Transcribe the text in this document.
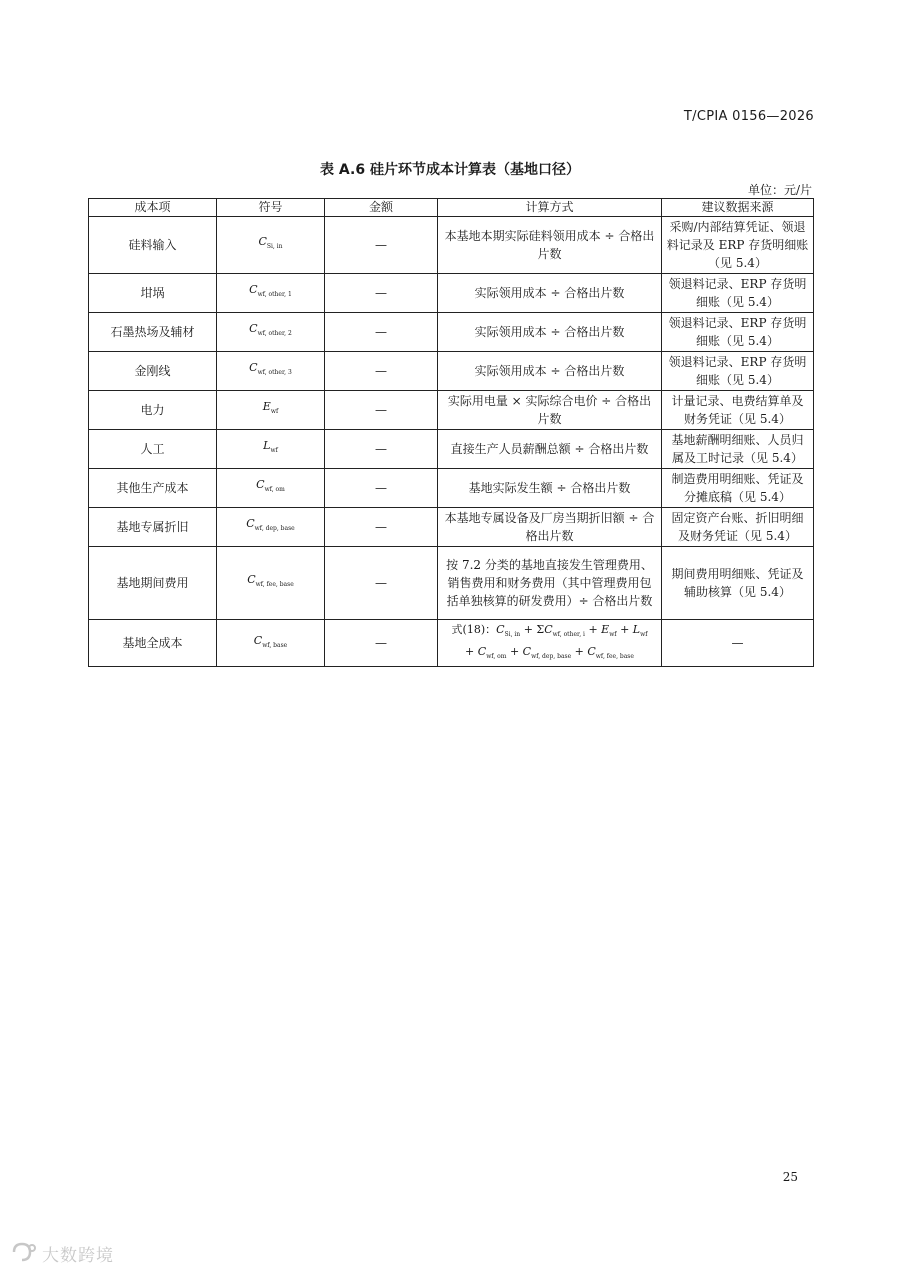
T/CPIA 0156—2026
表 A.6 硅片环节成本计算表（基地口径）
单位：元/片
成本项	符号	金额	计算方式	建议数据来源
硅料输入	$C_{Si, in}$	—	本基地本期实际硅料领用成本 ÷ 合格出片数	采购/内部结算凭证、领退料记录及 ERP 存货明细账（见 5.4）
坩埚	$C_{wf, other, 1}$	—	实际领用成本 ÷ 合格出片数	领退料记录、ERP 存货明细账（见 5.4）
石墨热场及辅材	$C_{wf, other, 2}$	—	实际领用成本 ÷ 合格出片数	领退料记录、ERP 存货明细账（见 5.4）
金刚线	$C_{wf, other, 3}$	—	实际领用成本 ÷ 合格出片数	领退料记录、ERP 存货明细账（见 5.4）
电力	$E_{wf}$	—	实际用电量 × 实际综合电价 ÷ 合格出片数	计量记录、电费结算单及财务凭证（见 5.4）
人工	$L_{wf}$	—	直接生产人员薪酬总额 ÷ 合格出片数	基地薪酬明细账、人员归属及工时记录（见 5.4）
其他生产成本	$C_{wf, om}$	—	基地实际发生额 ÷ 合格出片数	制造费用明细账、凭证及分摊底稿（见 5.4）
基地专属折旧	$C_{wf, dep, base}$	—	本基地专属设备及厂房当期折旧额 ÷ 合格出片数	固定资产台账、折旧明细及财务凭证（见 5.4）
基地期间费用	$C_{wf, fee, base}$	—	按 7.2 分类的基地直接发生管理费用、销售费用和财务费用（其中管理费用包括单独核算的研发费用）÷ 合格出片数	期间费用明细账、凭证及辅助核算（见 5.4）
基地全成本	$C_{wf, base}$	—	式(18)：$C_{Si, in} + \Sigma C_{wf, other, i} + E_{wf} + L_{wf}$
+ $C_{wf, om} + C_{wf, dep, base} + C_{wf, fee, base}$	—
25
大数跨境
